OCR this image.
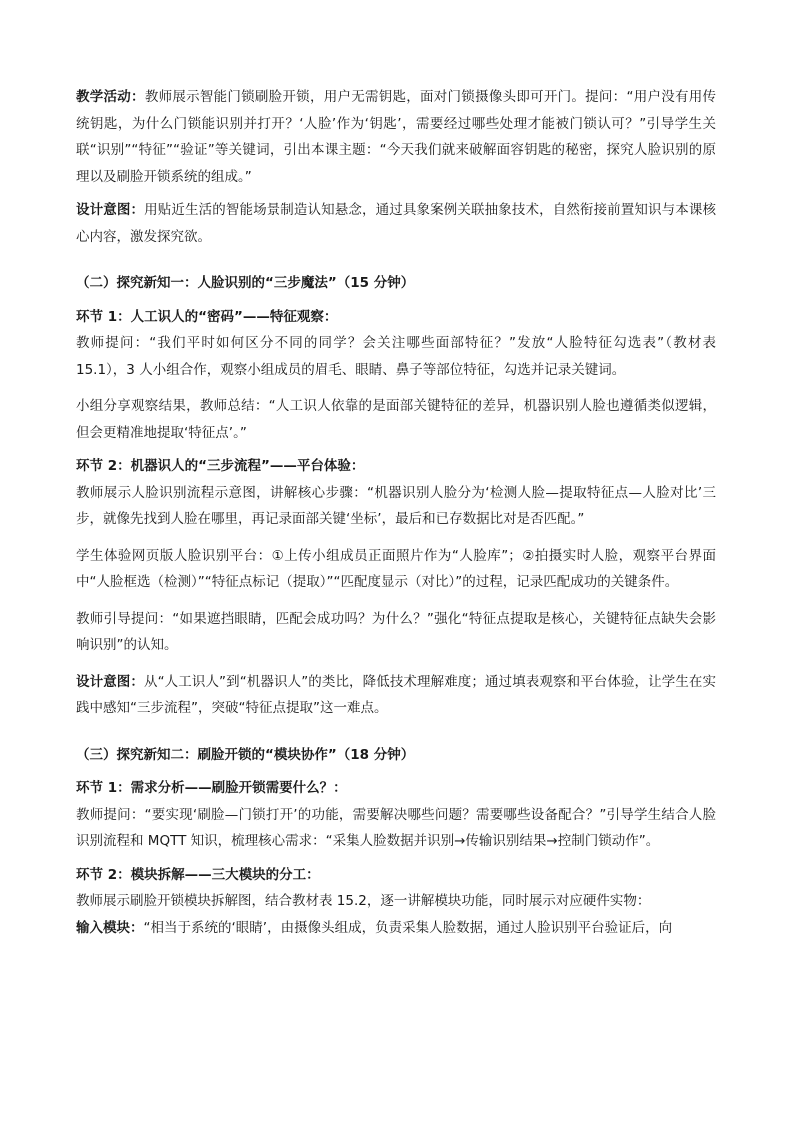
教学活动：教师展示智能门锁刷脸开锁，用户无需钥匙，面对门锁摄像头即可开门。提问：“用户没有用传统钥匙，为什么门锁能识别并打开？‘人脸’作为‘钥匙’，需要经过哪些处理才能被门锁认可？”引导学生关联“识别”“特征”“验证”等关键词，引出本课主题：“今天我们就来破解面容钥匙的秘密，探究人脸识别的原理以及刷脸开锁系统的组成。”

设计意图：用贴近生活的智能场景制造认知悬念，通过具象案例关联抽象技术，自然衔接前置知识与本课核心内容，激发探究欲。

（二）探究新知一：人脸识别的“三步魔法”（15 分钟）

环节 1：人工识人的“密码”——特征观察：

教师提问：“我们平时如何区分不同的同学？会关注哪些面部特征？”发放“人脸特征勾选表”（教材表 15.1），3 人小组合作，观察小组成员的眉毛、眼睛、鼻子等部位特征，勾选并记录关键词。

小组分享观察结果，教师总结：“人工识人依靠的是面部关键特征的差异，机器识别人脸也遵循类似逻辑，但会更精准地提取‘特征点’。”

环节 2：机器识人的“三步流程”——平台体验：

教师展示人脸识别流程示意图，讲解核心步骤：“机器识别人脸分为‘检测人脸—提取特征点—人脸对比’三步，就像先找到人脸在哪里，再记录面部关键‘坐标’，最后和已存数据比对是否匹配。”

学生体验网页版人脸识别平台：①上传小组成员正面照片作为“人脸库”；②拍摄实时人脸，观察平台界面中“人脸框选（检测）”“特征点标记（提取）”“匹配度显示（对比）”的过程，记录匹配成功的关键条件。

教师引导提问：“如果遮挡眼睛，匹配会成功吗？为什么？”强化“特征点提取是核心，关键特征点缺失会影响识别”的认知。

设计意图：从“人工识人”到“机器识人”的类比，降低技术理解难度；通过填表观察和平台体验，让学生在实践中感知“三步流程”，突破“特征点提取”这一难点。

（三）探究新知二：刷脸开锁的“模块协作”（18 分钟）

环节 1：需求分析——刷脸开锁需要什么？：

教师提问：“要实现‘刷脸—门锁打开’的功能，需要解决哪些问题？需要哪些设备配合？”引导学生结合人脸识别流程和 MQTT 知识，梳理核心需求：“采集人脸数据并识别→传输识别结果→控制门锁动作”。

环节 2：模块拆解——三大模块的分工：

教师展示刷脸开锁模块拆解图，结合教材表 15.2，逐一讲解模块功能，同时展示对应硬件实物：

输入模块：“相当于系统的‘眼睛’，由摄像头组成，负责采集人脸数据，通过人脸识别平台验证后，向
